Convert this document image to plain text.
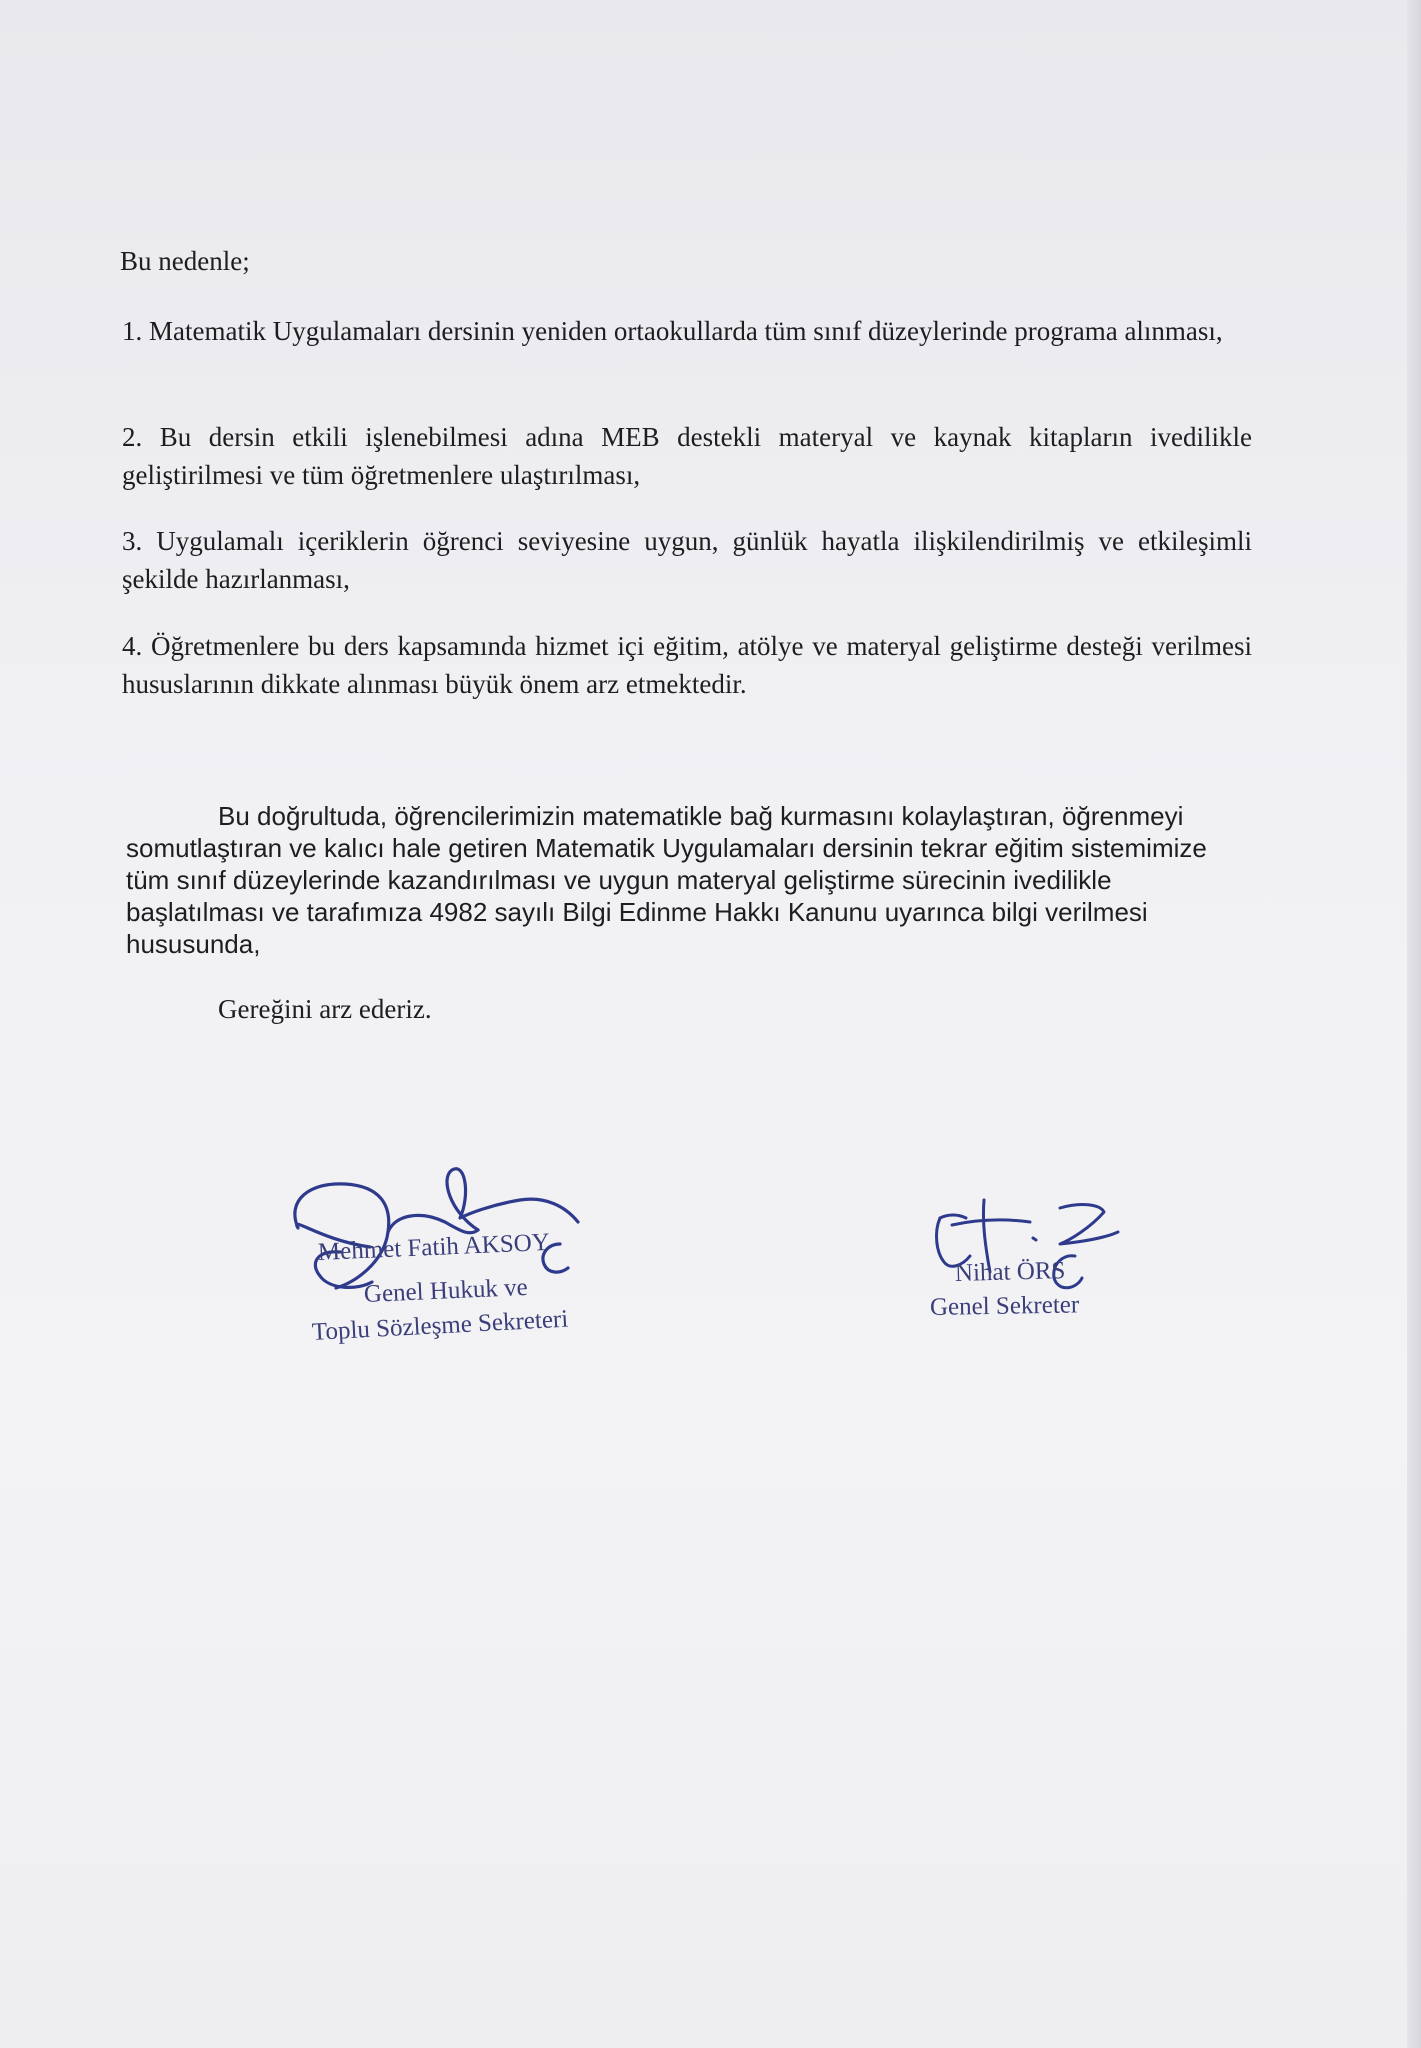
Bu nedenle;

1. Matematik Uygulamaları dersinin yeniden ortaokullarda tüm sınıf düzeylerinde programa alınması,

2. Bu dersin etkili işlenebilmesi adına MEB destekli materyal ve kaynak kitapların ivedilikle geliştirilmesi ve tüm öğretmenlere ulaştırılması,

3. Uygulamalı içeriklerin öğrenci seviyesine uygun, günlük hayatla ilişkilendirilmiş ve etkileşimli şekilde hazırlanması,

4. Öğretmenlere bu ders kapsamında hizmet içi eğitim, atölye ve materyal geliştirme desteği verilmesi hususlarının dikkate alınması büyük önem arz etmektedir.

Bu doğrultuda, öğrencilerimizin matematikle bağ kurmasını kolaylaştıran, öğrenmeyi somutlaştıran ve kalıcı hale getiren Matematik Uygulamaları dersinin tekrar eğitim sistemimize tüm sınıf düzeylerinde kazandırılması ve uygun materyal geliştirme sürecinin ivedilikle başlatılması ve tarafımıza 4982 sayılı Bilgi Edinme Hakkı Kanunu uyarınca bilgi verilmesi hususunda,

Gereğini arz ederiz.

Mehmet Fatih AKSOY

Genel Hukuk ve

Toplu Sözleşme Sekreteri

Nihat ÖRS

Genel Sekreter
